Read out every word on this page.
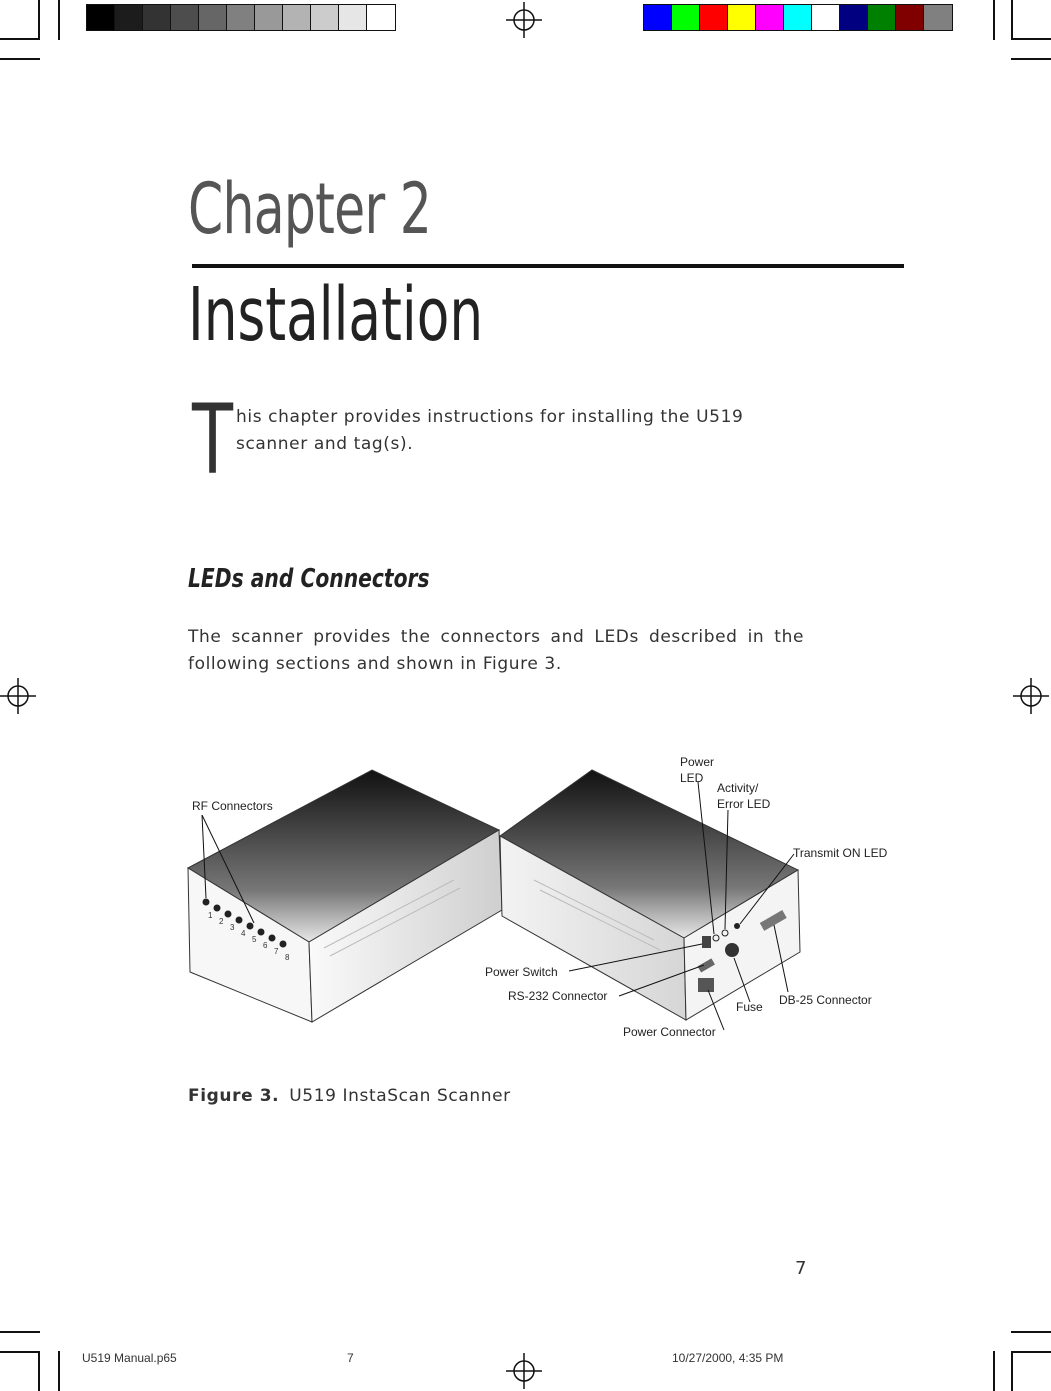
Chapter 2
Installation
T his chapter provides instructions for installing the U519 scanner and tag(s).
LEDs and Connectors
The scanner provides the connectors and LEDs described in the following sections and shown in Figure 3.
1
2
3
4
5
6
7
8
RF Connectors
Power
LED
Activity/
Error LED
Transmit ON LED
Power Switch
RS-232 Connector
Fuse DB-25 Connector
Power Connector
Figure 3. U519 InstaScan Scanner
7
U519 Manual.p65	7	10/27/2000, 4:35 PM
